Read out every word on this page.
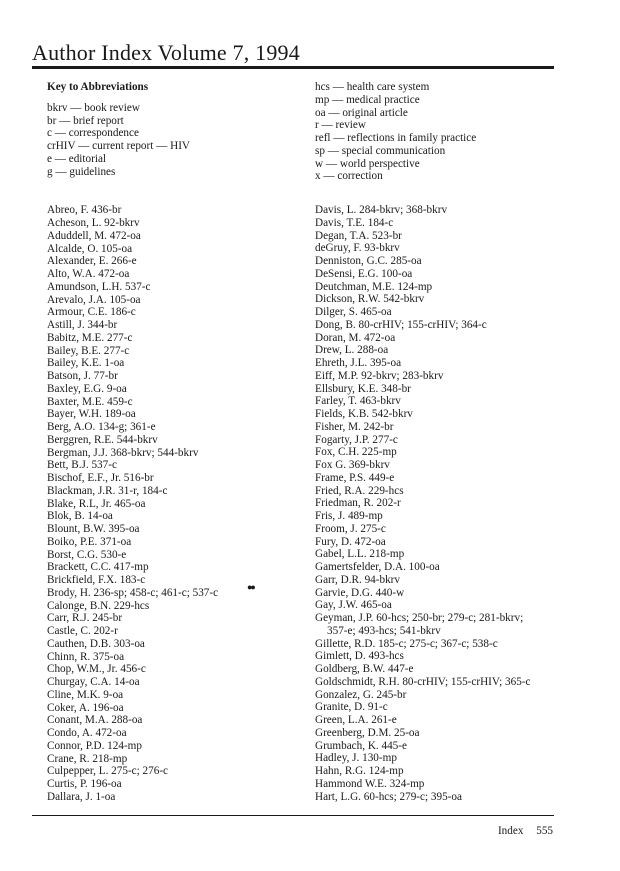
Author Index Volume 7, 1994
Key to Abbreviations
bkrv — book review
br — brief report
c — correspondence
crHIV — current report — HIV
e — editorial
g — guidelines
Abreo, F. 436-br
Acheson, L. 92-bkrv
Aduddell, M. 472-oa
Alcalde, O. 105-oa
Alexander, E. 266-e
Alto, W.A. 472-oa
Amundson, L.H. 537-c
Arevalo, J.A. 105-oa
Armour, C.E. 186-c
Astill, J. 344-br
Babitz, M.E. 277-c
Bailey, B.E. 277-c
Bailey, K.E. 1-oa
Batson, J. 77-br
Baxley, E.G. 9-oa
Baxter, M.E. 459-c
Bayer, W.H. 189-oa
Berg, A.O. 134-g; 361-e
Berggren, R.E. 544-bkrv
Bergman, J.J. 368-bkrv; 544-bkrv
Bett, B.J. 537-c
Bischof, E.F., Jr. 516-br
Blackman, J.R. 31-r, 184-c
Blake, R.L, Jr. 465-oa
Blok, B. 14-oa
Blount, B.W. 395-oa
Boiko, P.E. 371-oa
Borst, C.G. 530-e
Brackett, C.C. 417-mp
Brickfield, F.X. 183-c
Brody, H. 236-sp; 458-c; 461-c; 537-c
Calonge, B.N. 229-hcs
Carr, R.J. 245-br
Castle, C. 202-r
Cauthen, D.B. 303-oa
Chinn, R. 375-oa
Chop, W.M., Jr. 456-c
Churgay, C.A. 14-oa
Cline, M.K. 9-oa
Coker, A. 196-oa
Conant, M.A. 288-oa
Condo, A. 472-oa
Connor, P.D. 124-mp
Crane, R. 218-mp
Culpepper, L. 275-c; 276-c
Curtis, P. 196-oa
Dallara, J. 1-oa
hcs — health care system
mp — medical practice
oa — original article
r — review
refl — reflections in family practice
sp — special communication
w — world perspective
x — correction
Davis, L. 284-bkrv; 368-bkrv
Davis, T.E. 184-c
Degan, T.A. 523-br
deGruy, F. 93-bkrv
Denniston, G.C. 285-oa
DeSensi, E.G. 100-oa
Deutchman, M.E. 124-mp
Dickson, R.W. 542-bkrv
Dilger, S. 465-oa
Dong, B. 80-crHIV; 155-crHIV; 364-c
Doran, M. 472-oa
Drew, L. 288-oa
Ehreth, J.L. 395-oa
Eiff, M.P. 92-bkrv; 283-bkrv
Ellsbury, K.E. 348-br
Farley, T. 463-bkrv
Fields, K.B. 542-bkrv
Fisher, M. 242-br
Fogarty, J.P. 277-c
Fox, C.H. 225-mp
Fox G. 369-bkrv
Frame, P.S. 449-e
Fried, R.A. 229-hcs
Friedman, R. 202-r
Fris, J. 489-mp
Froom, J. 275-c
Fury, D. 472-oa
Gabel, L.L. 218-mp
Gamertsfelder, D.A. 100-oa
Garr, D.R. 94-bkrv
Garvie, D.G. 440-w
Gay, J.W. 465-oa
Geyman, J.P. 60-hcs; 250-br; 279-c; 281-bkrv;
357-e; 493-hcs; 541-bkrv
Gillette, R.D. 185-c; 275-c; 367-c; 538-c
Gimlett, D. 493-hcs
Goldberg, B.W. 447-e
Goldschmidt, R.H. 80-crHIV; 155-crHIV; 365-c
Gonzalez, G. 245-br
Granite, D. 91-c
Green, L.A. 261-e
Greenberg, D.M. 25-oa
Grumbach, K. 445-e
Hadley, J. 130-mp
Hahn, R.G. 124-mp
Hammond W.E. 324-mp
Hart, L.G. 60-hcs; 279-c; 395-oa
●●
Index 555
